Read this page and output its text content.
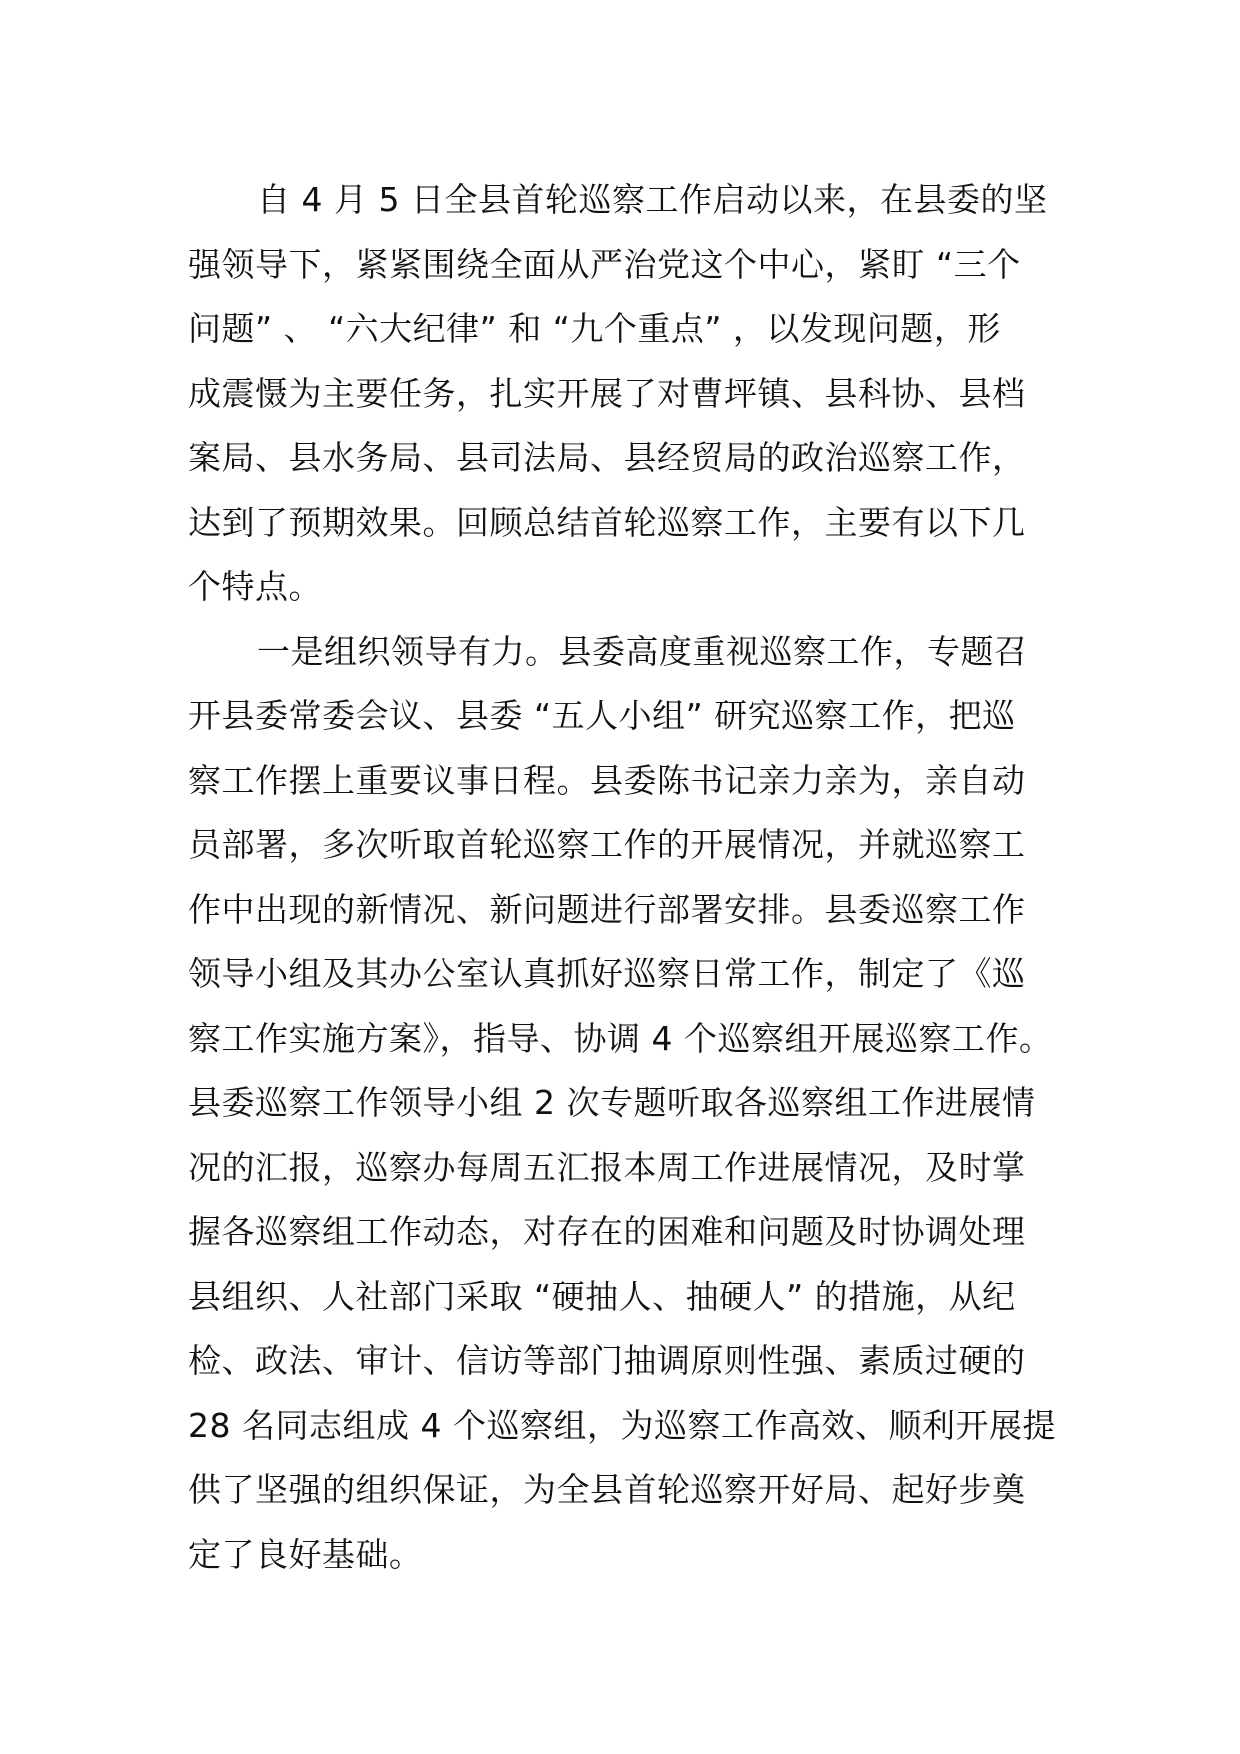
自 4 月 5 日全县首轮巡察工作启动以来，在县委的坚
强领导下，紧紧围绕全面从严治党这个中心，紧盯 “三个
问题” 、 “六大纪律” 和 “九个重点” ，以发现问题，形
成震慑为主要任务，扎实开展了对曹坪镇、县科协、县档
案局、县水务局、县司法局、县经贸局的政治巡察工作，
达到了预期效果。回顾总结首轮巡察工作，主要有以下几
个特点。
一是组织领导有力。县委高度重视巡察工作，专题召
开县委常委会议、县委 “五人小组” 研究巡察工作，把巡
察工作摆上重要议事日程。县委陈书记亲力亲为，亲自动
员部署，多次听取首轮巡察工作的开展情况，并就巡察工
作中出现的新情况、新问题进行部署安排。县委巡察工作
领导小组及其办公室认真抓好巡察日常工作，制定了《巡
察工作实施方案》，指导、协调 4 个巡察组开展巡察工作。
县委巡察工作领导小组 2 次专题听取各巡察组工作进展情
况的汇报，巡察办每周五汇报本周工作进展情况，及时掌
握各巡察组工作动态，对存在的困难和问题及时协调处理
县组织、人社部门采取 “硬抽人、抽硬人” 的措施，从纪
检、政法、审计、信访等部门抽调原则性强、素质过硬的
28 名同志组成 4 个巡察组，为巡察工作高效、顺利开展提
供了坚强的组织保证，为全县首轮巡察开好局、起好步奠
定了良好基础。
